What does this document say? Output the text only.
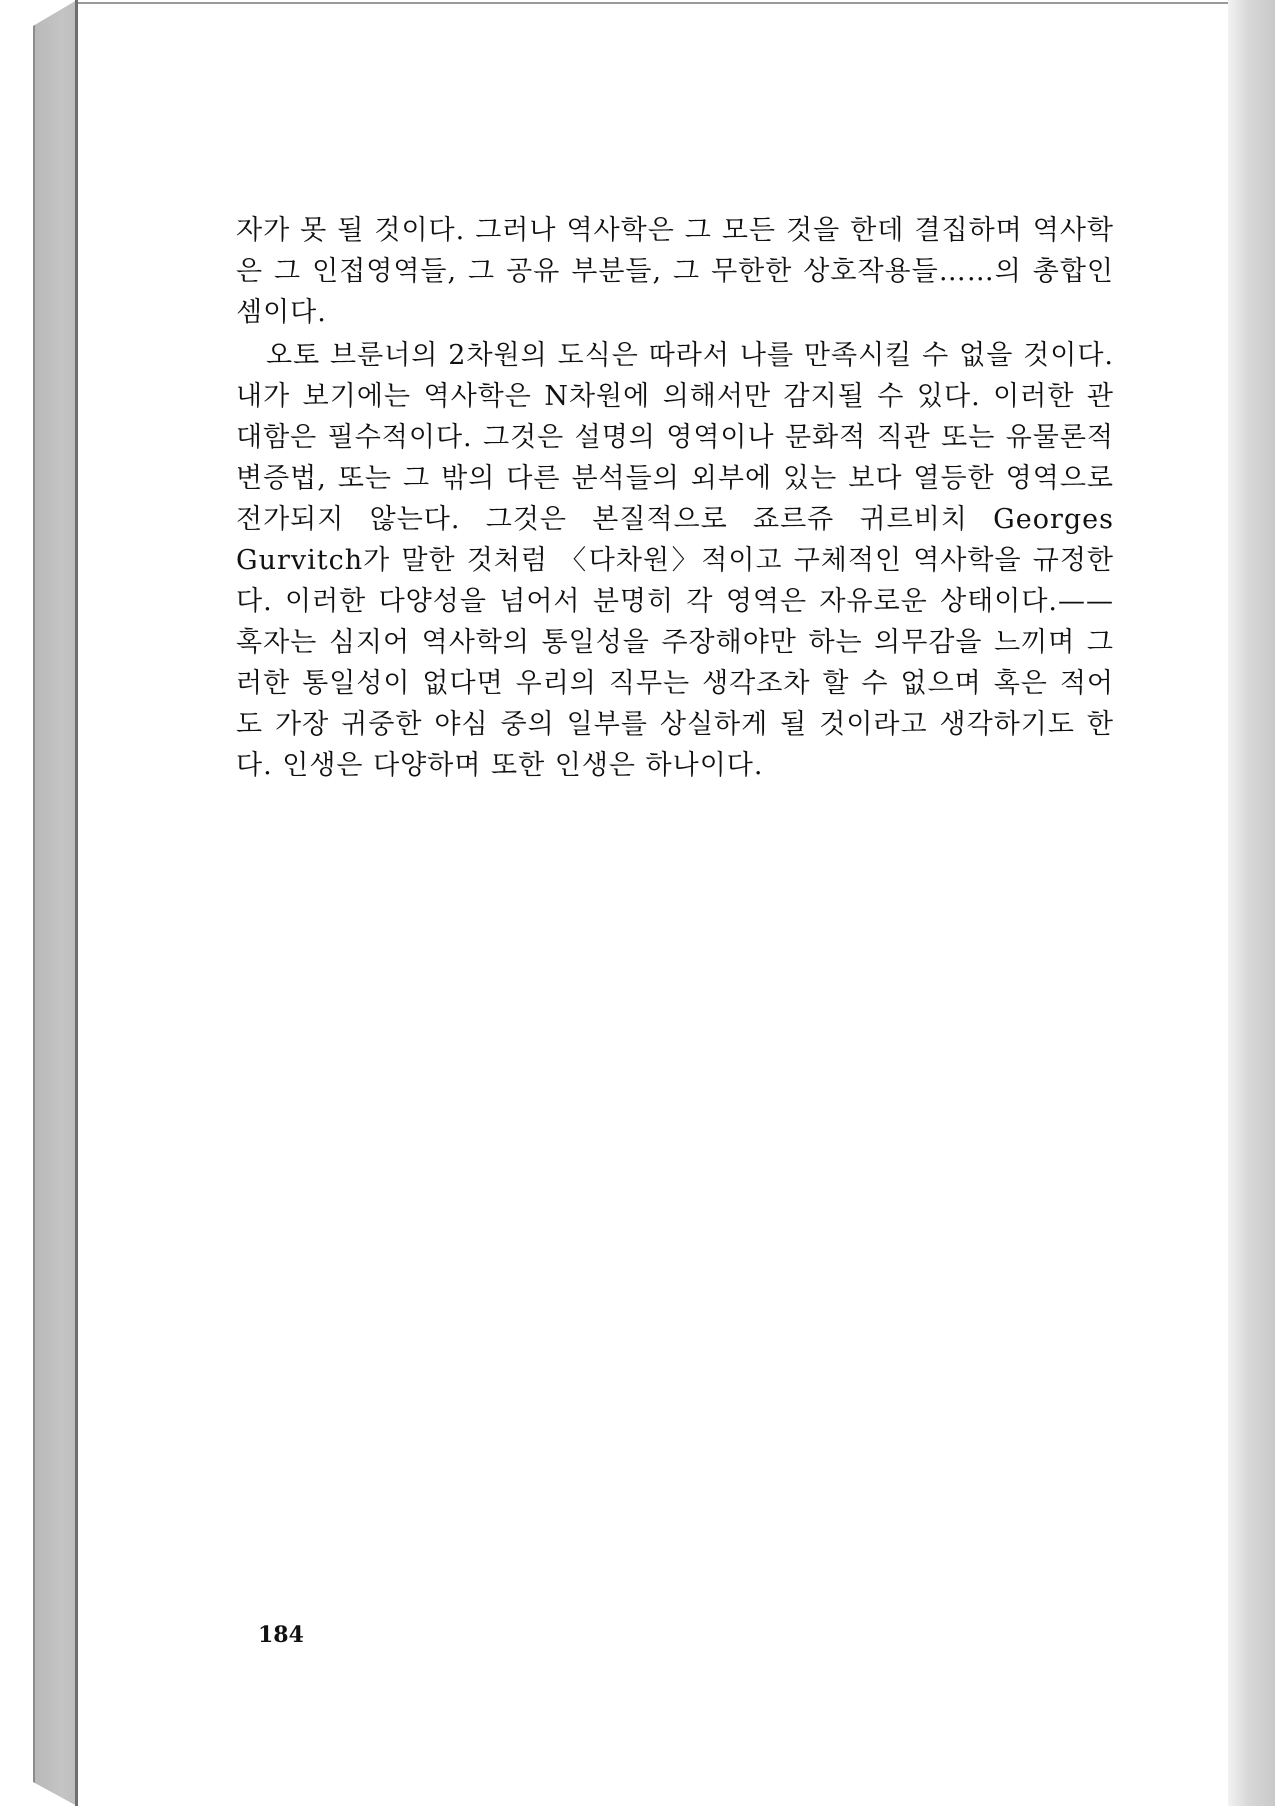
자가 못 될 것이다. 그러나 역사학은 그 모든 것을 한데 결집하며 역사학은 그 인접영역들, 그 공유 부분들, 그 무한한 상호작용들……의 총합인 셈이다.

오토 브룬너의 2차원의 도식은 따라서 나를 만족시킬 수 없을 것이다. 내가 보기에는 역사학은 N차원에 의해서만 감지될 수 있다. 이러한 관대함은 필수적이다. 그것은 설명의 영역이나 문화적 직관 또는 유물론적 변증법, 또는 그 밖의 다른 분석들의 외부에 있는 보다 열등한 영역으로 전가되지 않는다. 그것은 본질적으로 죠르쥬 귀르비치 Georges Gurvitch가 말한 것처럼 〈다차원〉적이고 구체적인 역사학을 규정한다. 이러한 다양성을 넘어서 분명히 각 영역은 자유로운 상태이다.——혹자는 심지어 역사학의 통일성을 주장해야만 하는 의무감을 느끼며 그러한 통일성이 없다면 우리의 직무는 생각조차 할 수 없으며 혹은 적어도 가장 귀중한 야심 중의 일부를 상실하게 될 것이라고 생각하기도 한다. 인생은 다양하며 또한 인생은 하나이다.

184
